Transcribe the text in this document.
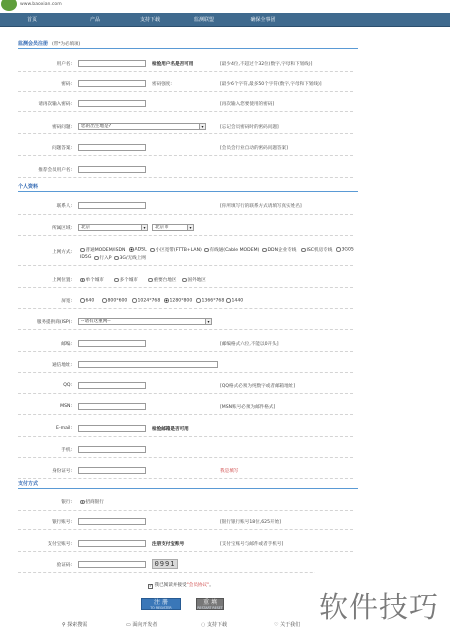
www.baoxian.com
首页	产品	支持下载	监测联盟	确保全事团
监测会员注册 (带*为必填项)
用户名:	检验用户名是否可用	[最少4位,不超过个32位(数字,字母和下划线)]
密码:	密码强度:	[最少6个字符,最多50个字符(数字,字母和下划线)]
请再次输入密码:	[再次输入您要使用的密码]
密码问题:	您的出生地是?	▾	[忘记会员密码时的密码问题]
问题答案:	[会员会行业自动的密码问题答案]
推荐会员用户名:
个人资料
联系人:	[你所填写行的联系方式请填写真实姓名]
所属区域:	北京	▾	北京市	▾
上网方式:	普通MODEM/ISDN	ADSL	小区宽带(FTTB+LAN)	有线通(Cable MODEM)	DDN企业专线	ISC机房专线	3G05
ID5G	行入P	3G/无线上网
上网位置:	单个城市	多个城市	重要台地区	国外地区
屏宽:	640	800*600	1024*768	1280*800	1366*768	1440
服务提供商(ISP):	--请有这重网--	▾
邮编:	[邮编格式六位,不能以0开头]
通信地址:
QQ:	[QQ格式必须为纯数字或者邮箱地址]
MSN:	[MSN账号必须为邮件格式]
E-mail:	检验邮箱是否可用
手机:
身份证号:	我是填写
支付方式
银行:	招商银行
银行账号:	[银行银行账号18位,625开始]
支付宝账号:	注册支付宝账号	[支付宝账号与邮件或者手机号]
验证码:	0991
✓ 我已阅读并接受"会员协议"。
注 册
TO REGISTER
重 填
RESTART RESET
⚲ 探索搜需	▭ 面向开发者	◌ 支持下载	♡ 关于我们
软件技巧
